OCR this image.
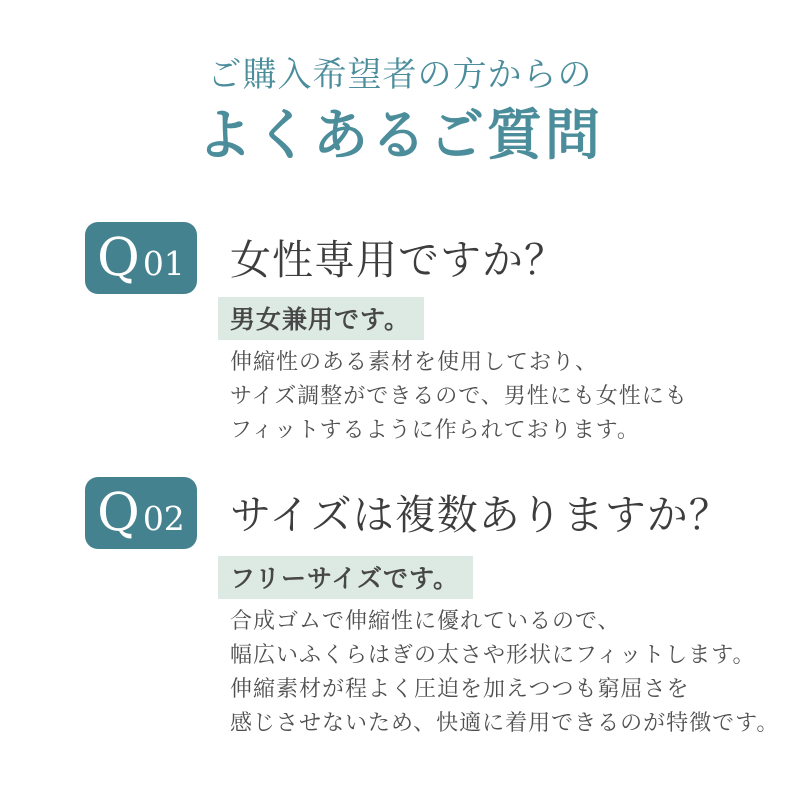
ご購入希望者の方からの
よくあるご質問
Q 01 女性専用ですか？
男女兼用です。
伸縮性のある素材を使用しており、
サイズ調整ができるので、男性にも女性にも
フィットするように作られております。
Q 02 サイズは複数ありますか？
フリーサイズです。
合成ゴムで伸縮性に優れているので、
幅広いふくらはぎの太さや形状にフィットします。
伸縮素材が程よく圧迫を加えつつも窮屈さを
感じさせないため、快適に着用できるのが特徴です。
